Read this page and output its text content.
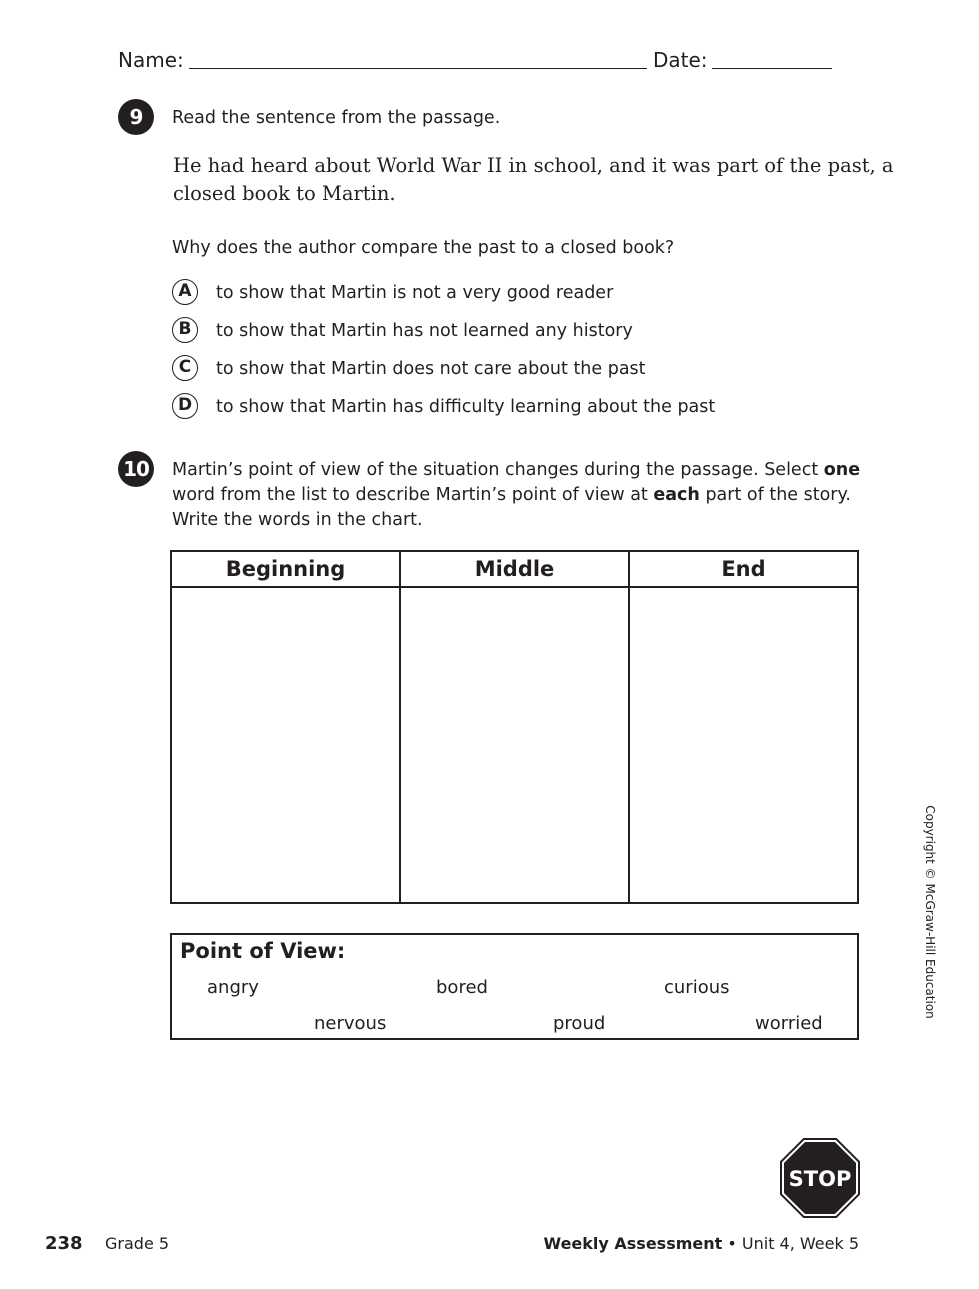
Name:	Date:
9	Read the sentence from the passage.
He had heard about World War II in school, and it was part of the past, a
closed book to Martin.
Why does the author compare the past to a closed book?
A	to show that Martin is not a very good reader
B	to show that Martin has not learned any history
C	to show that Martin does not care about the past
D	to show that Martin has difficulty learning about the past
10 Martin’s point of view of the situation changes during the passage. Select one
word from the list to describe Martin’s point of view at each part of the story.
Write the words in the chart.
Beginning	Middle	End

Point of View:
angry	bored	curious
nervous	proud	worried
STOP
Copyright © McGraw-Hill Education
238 Grade 5	Weekly Assessment • Unit 4, Week 5
